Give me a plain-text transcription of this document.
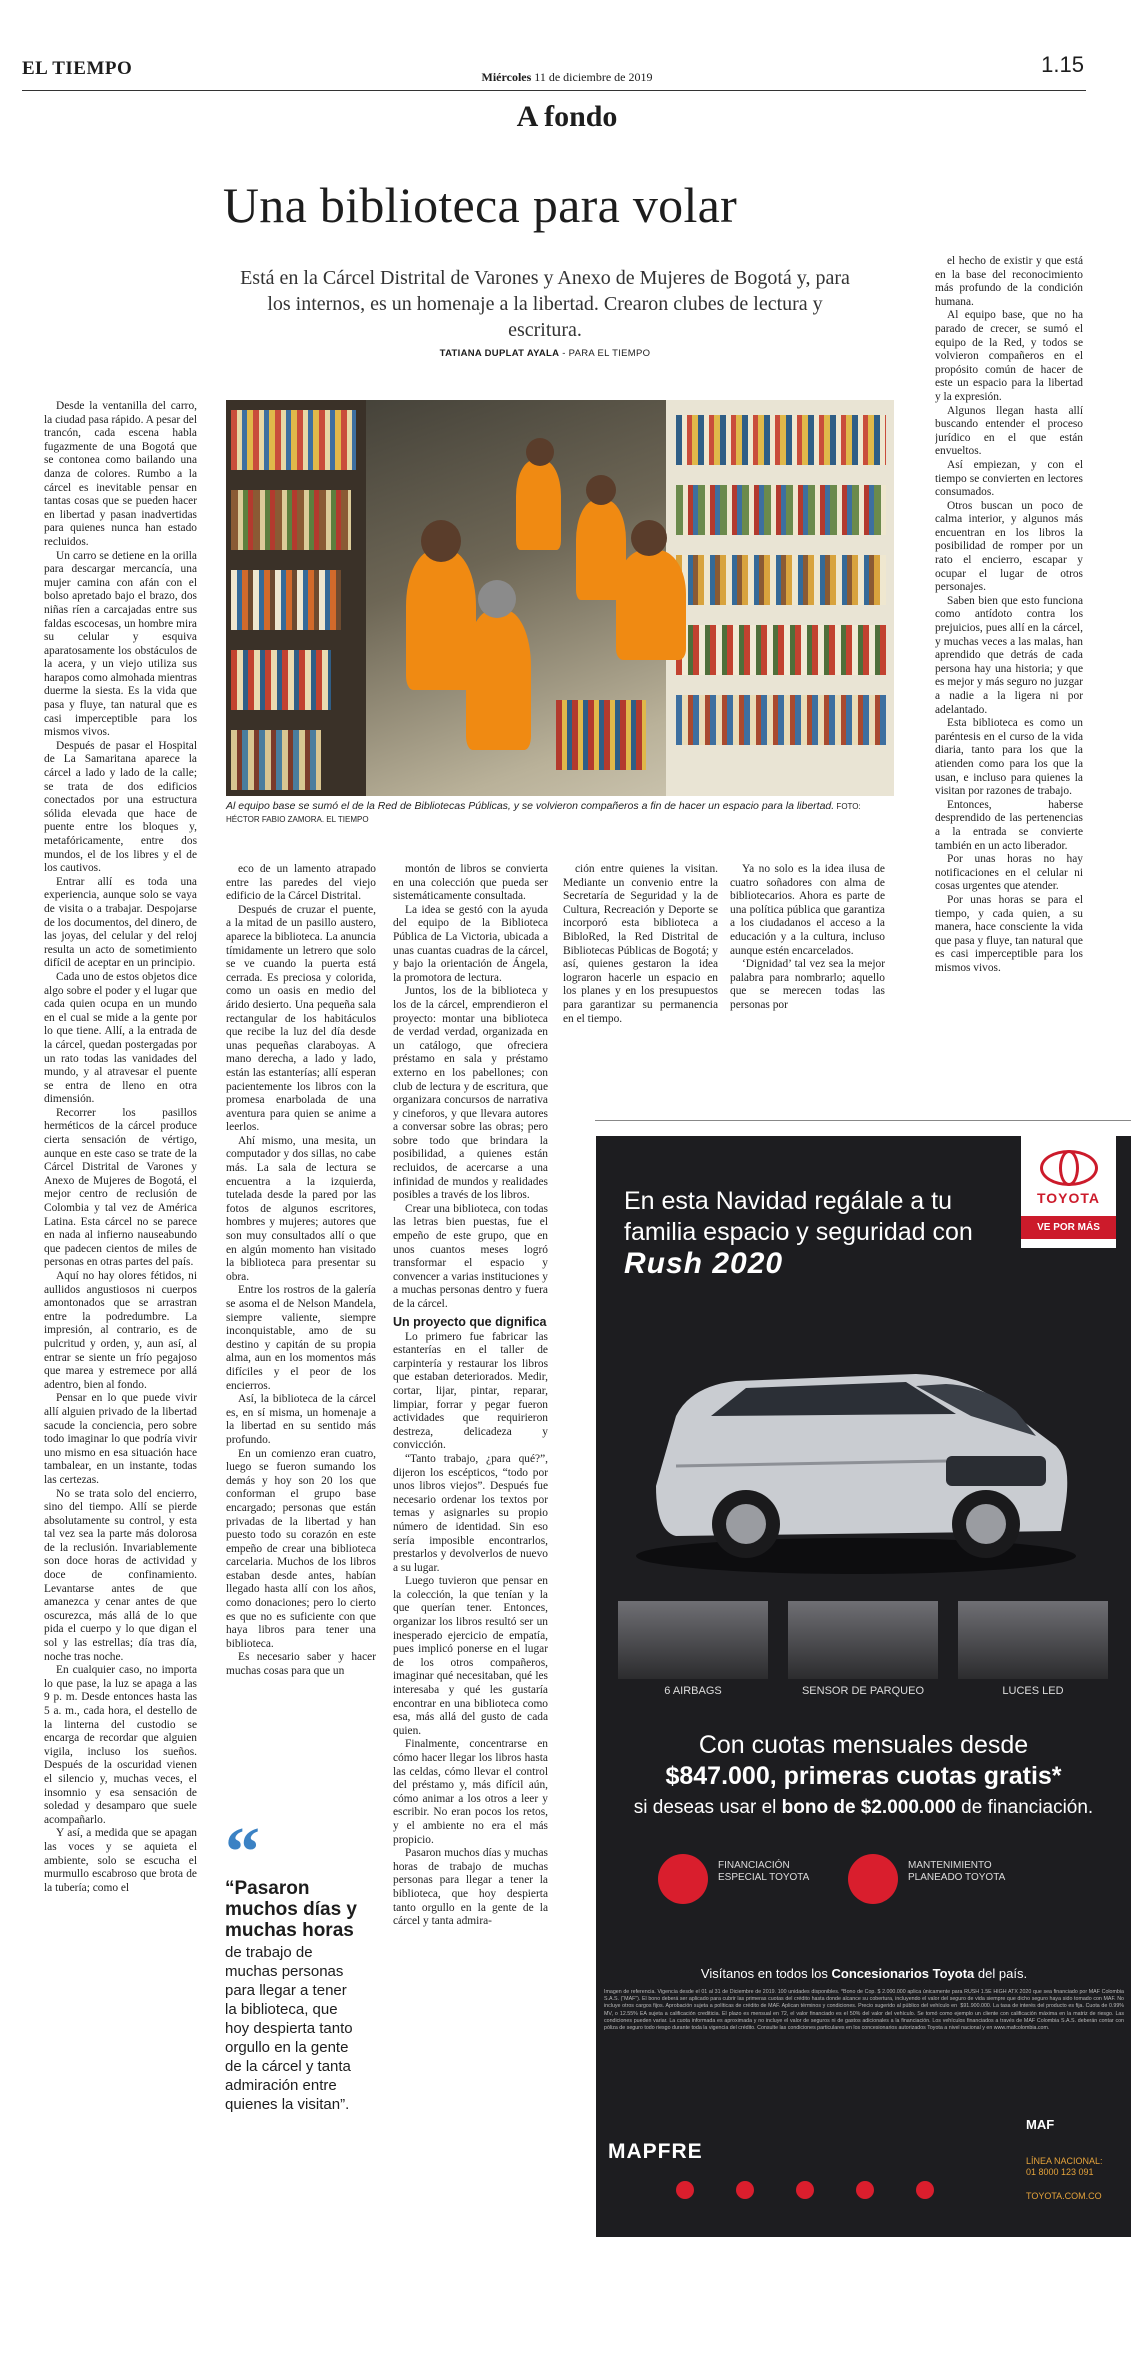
EL TIEMPO	Miércoles 11 de diciembre de 2019	1.15
A fondo
Una biblioteca para volar
Está en la Cárcel Distrital de Varones y Anexo de Mujeres de Bogotá y, para los internos, es un homenaje a la libertad. Crearon clubes de lectura y escritura.
TATIANA DUPLAT AYALA - PARA EL TIEMPO
Al equipo base se sumó el de la Red de Bibliotecas Públicas, y se volvieron compañeros a fin de hacer un espacio para la libertad. FOTO: HÉCTOR FABIO ZAMORA. EL TIEMPO

Desde la ventanilla del carro, la ciudad pasa rápido. A pesar del trancón, cada escena habla fugazmente de una Bogotá que se contonea como bailando una danza de colores. Rumbo a la cárcel es inevitable pensar en tantas cosas que se pueden hacer en libertad y pasan inadvertidas para quienes nunca han estado recluidos.

Un carro se detiene en la orilla para descargar mercancía, una mujer camina con afán con el bolso apretado bajo el brazo, dos niñas ríen a carcajadas entre sus faldas escocesas, un hombre mira su celular y esquiva aparatosamente los obstáculos de la acera, y un viejo utiliza sus harapos como almohada mientras duerme la siesta. Es la vida que pasa y fluye, tan natural que es casi imperceptible para los mismos vivos.

Después de pasar el Hospital de La Samaritana aparece la cárcel a lado y lado de la calle; se trata de dos edificios conectados por una estructura sólida elevada que hace de puente entre los bloques y, metafóricamente, entre dos mundos, el de los libres y el de los cautivos.

Entrar allí es toda una experiencia, aunque solo se vaya de visita o a trabajar. Despojarse de los documentos, del dinero, de las joyas, del celular y del reloj resulta un acto de sometimiento difícil de aceptar en un principio.

Cada uno de estos objetos dice algo sobre el poder y el lugar que cada quien ocupa en un mundo en el cual se mide a la gente por lo que tiene. Allí, a la entrada de la cárcel, quedan postergadas por un rato todas las vanidades del mundo, y al atravesar el puente se entra de lleno en otra dimensión.

Recorrer los pasillos herméticos de la cárcel produce cierta sensación de vértigo, aunque en este caso se trate de la Cárcel Distrital de Varones y Anexo de Mujeres de Bogotá, el mejor centro de reclusión de Colombia y tal vez de América Latina. Esta cárcel no se parece en nada al infierno nauseabundo que padecen cientos de miles de personas en otras partes del país.

Aquí no hay olores fétidos, ni aullidos angustiosos ni cuerpos amontonados que se arrastran entre la podredumbre. La impresión, al contrario, es de pulcritud y orden, y, aun así, al entrar se siente un frío pegajoso que marea y estremece por allá adentro, bien al fondo.

Pensar en lo que puede vivir allí alguien privado de la libertad sacude la conciencia, pero sobre todo imaginar lo que podría vivir uno mismo en esa situación hace tambalear, en un instante, todas las certezas.

No se trata solo del encierro, sino del tiempo. Allí se pierde absolutamente su control, y esta tal vez sea la parte más dolorosa de la reclusión. Invariablemente son doce horas de actividad y doce de confinamiento. Levantarse antes de que amanezca y cenar antes de que oscurezca, más allá de lo que pida el cuerpo y lo que digan el sol y las estrellas; día tras día, noche tras noche.

En cualquier caso, no importa lo que pase, la luz se apaga a las 9 p. m. Desde entonces hasta las 5 a. m., cada hora, el destello de la linterna del custodio se encarga de recordar que alguien vigila, incluso los sueños. Después de la oscuridad vienen el silencio y, muchas veces, el insomnio y esa sensación de soledad y desamparo que suele acompañarlo.

Y así, a medida que se apagan las voces y se aquieta el ambiente, solo se escucha el murmullo escabroso que brota de la tubería; como el

eco de un lamento atrapado entre las paredes del viejo edificio de la Cárcel Distrital.

Después de cruzar el puente, a la mitad de un pasillo austero, aparece la biblioteca. La anuncia tímidamente un letrero que solo se ve cuando la puerta está cerrada. Es preciosa y colorida, como un oasis en medio del árido desierto. Una pequeña sala rectangular de los habitáculos que recibe la luz del día desde unas pequeñas claraboyas. A mano derecha, a lado y lado, están las estanterías; allí esperan pacientemente los libros con la promesa enarbolada de una aventura para quien se anime a leerlos.

Ahí mismo, una mesita, un computador y dos sillas, no cabe más. La sala de lectura se encuentra a la izquierda, tutelada desde la pared por las fotos de algunos escritores, hombres y mujeres; autores que son muy consultados allí o que en algún momento han visitado la biblioteca para presentar su obra.

Entre los rostros de la galería se asoma el de Nelson Mandela, siempre valiente, siempre inconquistable, amo de su destino y capitán de su propia alma, aun en los momentos más difíciles y el peor de los encierros.

Así, la biblioteca de la cárcel es, en sí misma, un homenaje a la libertad en su sentido más profundo.

En un comienzo eran cuatro, luego se fueron sumando los demás y hoy son 20 los que conforman el grupo base encargado; personas que están privadas de la libertad y han puesto todo su corazón en este empeño de crear una biblioteca carcelaria. Muchos de los libros estaban desde antes, habían llegado hasta allí con los años, como donaciones; pero lo cierto es que no es suficiente con que haya libros para tener una biblioteca.

Es necesario saber y hacer muchas cosas para que un

“
“Pasaron muchos días y muchas horas
de trabajo de muchas personas para llegar a tener la biblioteca, que hoy despierta tanto orgullo en la gente de la cárcel y tanta admiración entre quienes la visitan”.

montón de libros se convierta en una colección que pueda ser sistemáticamente consultada.

La idea se gestó con la ayuda del equipo de la Biblioteca Pública de La Victoria, ubicada a unas cuantas cuadras de la cárcel, y bajo la orientación de Ángela, la promotora de lectura.

Juntos, los de la biblioteca y los de la cárcel, emprendieron el proyecto: montar una biblioteca de verdad verdad, organizada en un catálogo, que ofreciera préstamo en sala y préstamo externo en los pabellones; con club de lectura y de escritura, que organizara concursos de narrativa y cineforos, y que llevara autores a conversar sobre las obras; pero sobre todo que brindara la posibilidad, a quienes están recluidos, de acercarse a una infinidad de mundos y realidades posibles a través de los libros.

Crear una biblioteca, con todas las letras bien puestas, fue el empeño de este grupo, que en unos cuantos meses logró transformar el espacio y convencer a varias instituciones y a muchas personas dentro y fuera de la cárcel.

Un proyecto que dignifica

Lo primero fue fabricar las estanterías en el taller de carpintería y restaurar los libros que estaban deteriorados. Medir, cortar, lijar, pintar, reparar, limpiar, forrar y pegar fueron actividades que requirieron destreza, delicadeza y convicción.

“Tanto trabajo, ¿para qué?”, dijeron los escépticos, “todo por unos libros viejos”. Después fue necesario ordenar los textos por temas y asignarles su propio número de identidad. Sin eso sería imposible encontrarlos, prestarlos y devolverlos de nuevo a su lugar.

Luego tuvieron que pensar en la colección, la que tenían y la que querían tener. Entonces, organizar los libros resultó ser un inesperado ejercicio de empatía, pues implicó ponerse en el lugar de los otros compañeros, imaginar qué necesitaban, qué les interesaba y qué les gustaría encontrar en una biblioteca como esa, más allá del gusto de cada quien.

Finalmente, concentrarse en cómo hacer llegar los libros hasta las celdas, cómo llevar el control del préstamo y, más difícil aún, cómo animar a los otros a leer y escribir. No eran pocos los retos, y el ambiente no era el más propicio.

Pasaron muchos días y muchas horas de trabajo de muchas personas para llegar a tener la biblioteca, que hoy despierta tanto orgullo en la gente de la cárcel y tanta admira-

ción entre quienes la visitan. Mediante un convenio entre la Secretaría de Seguridad y la de Cultura, Recreación y Deporte se incorporó esta biblioteca a BibloRed, la Red Distrital de Bibliotecas Públicas de Bogotá; y así, quienes gestaron la idea lograron hacerle un espacio en los planes y en los presupuestos para garantizar su permanencia en el tiempo.

Ya no solo es la idea ilusa de cuatro soñadores con alma de bibliotecarios. Ahora es parte de una política pública que garantiza a los ciudadanos el acceso a la educación y a la cultura, incluso aunque estén encarcelados.

‘Dignidad’ tal vez sea la mejor palabra para nombrarlo; aquello que se merecen todas las personas por

el hecho de existir y que está en la base del reconocimiento más profundo de la condición humana.

Al equipo base, que no ha parado de crecer, se sumó el equipo de la Red, y todos se volvieron compañeros en el propósito común de hacer de este un espacio para la libertad y la expresión.

Algunos llegan hasta allí buscando entender el proceso jurídico en el que están envueltos.

Así empiezan, y con el tiempo se convierten en lectores consumados.

Otros buscan un poco de calma interior, y algunos más encuentran en los libros la posibilidad de romper por un rato el encierro, escapar y ocupar el lugar de otros personajes.

Saben bien que esto funciona como antídoto contra los prejuicios, pues allí en la cárcel, y muchas veces a las malas, han aprendido que detrás de cada persona hay una historia; y que es mejor y más seguro no juzgar a nadie a la ligera ni por adelantado.

Esta biblioteca es como un paréntesis en el curso de la vida diaria, tanto para los que la atienden como para los que la usan, e incluso para quienes la visitan por razones de trabajo.

Entonces, haberse desprendido de las pertenencias a la entrada se convierte también en un acto liberador.

Por unas horas no hay notificaciones en el celular ni cosas urgentes que atender.

Por unas horas se para el tiempo, y cada quien, a su manera, hace consciente la vida que pasa y fluye, tan natural que es casi imperceptible para los mismos vivos.

En esta Navidad regálale a tu familia espacio y seguridad con Rush 2020
TOYOTA
VE POR MÁS
6 AIRBAGS	SENSOR DE PARQUEO	LUCES LED
Con cuotas mensuales desde
$847.000, primeras cuotas gratis*
si deseas usar el bono de $2.000.000 de financiación.
FINANCIACIÓN ESPECIAL TOYOTA
MANTENIMIENTO PLANEADO TOYOTA
Visítanos en todos los Concesionarios Toyota del país.
Imagen de referencia. Vigencia desde el 01 al 31 de Diciembre de 2019. 100 unidades disponibles. *Bono de Cop. $ 2.000.000 aplica únicamente para RUSH 1.5E HIGH ATX 2020 que sea financiado por MAF Colombia S.A.S. (“MAF”). El bono deberá ser aplicado para cubrir las primeras cuotas del crédito hasta donde alcance su cobertura, incluyendo el valor del seguro de vida siempre que dicho seguro haya sido tomado con MAF. No incluye otros cargos fijos. Aprobación sujeta a políticas de crédito de MAF. Aplican términos y condiciones. Precio sugerido al público del vehículo en  $91.900.000. La tasa de interés del producto es fija. Cuota de 0.99% MV, o 12.55% EA sujeta a calificación crediticia. El plazo es mensual en 72, el valor financiado es el 50% del valor del vehículo. Se tomó como ejemplo un cliente con calificación máxima en la matriz de riesgo. Las condiciones pueden variar. La cuota informada es aproximada y no incluye el valor de seguros ni de gastos adicionales a la financiación. Los vehículos financiados a través de MAF Colombia S.A.S. deberán contar con póliza de seguro todo riesgo durante toda la vigencia del crédito. Consulte las condiciones particulares en los concesionarios autorizados Toyota a nivel nacional y en www.mafcolombia.com.
MAF
MAPFRE	LÍNEA NACIONAL:
01 8000 123 091
TOYOTA.COM.CO
